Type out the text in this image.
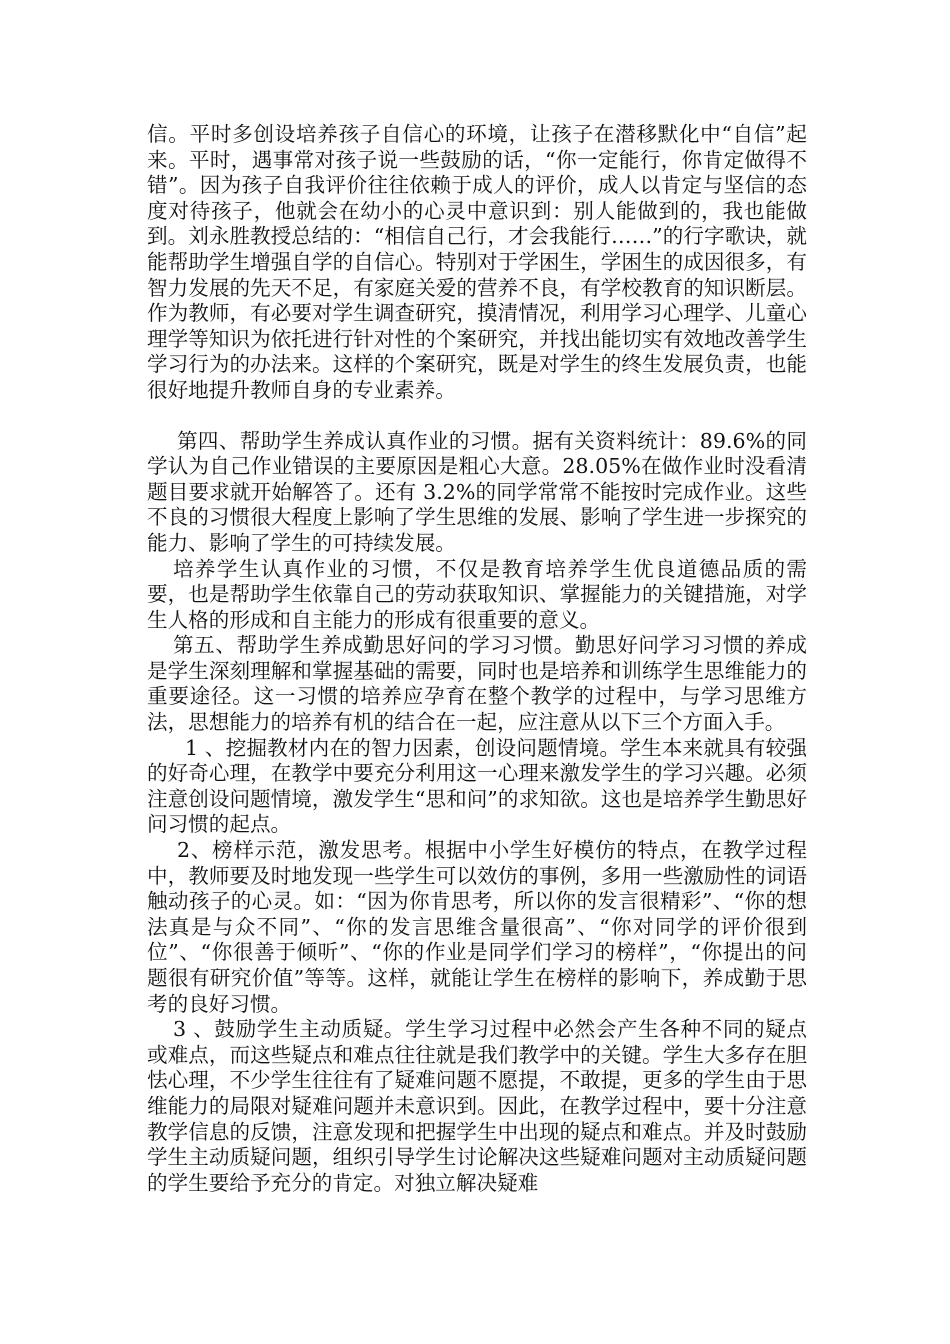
信。平时多创设培养孩子自信心的环境，让孩子在潜移默化中“自信”起来。平时，遇事常对孩子说一些鼓励的话，“你一定能行，你肯定做得不错”。因为孩子自我评价往往依赖于成人的评价，成人以肯定与坚信的态度对待孩子，他就会在幼小的心灵中意识到：别人能做到的，我也能做到。刘永胜教授总结的：“相信自己行，才会我能行……”的行字歌诀，就能帮助学生增强自学的自信心。特别对于学困生，学困生的成因很多，有智力发展的先天不足，有家庭关爱的营养不良，有学校教育的知识断层。作为教师，有必要对学生调查研究，摸清情况，利用学习心理学、儿童心理学等知识为依托进行针对性的个案研究，并找出能切实有效地改善学生学习行为的办法来。这样的个案研究，既是对学生的终生发展负责，也能很好地提升教师自身的专业素养。

第四、帮助学生养成认真作业的习惯。据有关资料统计：89.6%的同学认为自己作业错误的主要原因是粗心大意。28.05%在做作业时没看清题目要求就开始解答了。还有 3.2%的同学常常不能按时完成作业。这些不良的习惯很大程度上影响了学生思维的发展、影响了学生进一步探究的能力、影响了学生的可持续发展。

培养学生认真作业的习惯，不仅是教育培养学生优良道德品质的需要，也是帮助学生依靠自己的劳动获取知识、掌握能力的关键措施，对学生人格的形成和自主能力的形成有很重要的意义。

第五、帮助学生养成勤思好问的学习习惯。勤思好问学习习惯的养成是学生深刻理解和掌握基础的需要，同时也是培养和训练学生思维能力的重要途径。这一习惯的培养应孕育在整个教学的过程中，与学习思维方法，思想能力的培养有机的结合在一起，应注意从以下三个方面入手。

1 、挖掘教材内在的智力因素，创设问题情境。学生本来就具有较强的好奇心理，在教学中要充分利用这一心理来激发学生的学习兴趣。必须注意创设问题情境，激发学生“思和问”的求知欲。这也是培养学生勤思好问习惯的起点。

2、榜样示范，激发思考。根据中小学生好模仿的特点，在教学过程中，教师要及时地发现一些学生可以效仿的事例，多用一些激励性的词语触动孩子的心灵。如：“因为你肯思考，所以你的发言很精彩”、“你的想法真是与众不同”、“你的发言思维含量很高”、“你对同学的评价很到位”、“你很善于倾听”、“你的作业是同学们学习的榜样”，“你提出的问题很有研究价值”等等。这样，就能让学生在榜样的影响下，养成勤于思考的良好习惯。

3 、鼓励学生主动质疑。学生学习过程中必然会产生各种不同的疑点或难点，而这些疑点和难点往往就是我们教学中的关键。学生大多存在胆怯心理，不少学生往往有了疑难问题不愿提，不敢提，更多的学生由于思维能力的局限对疑难问题并未意识到。因此，在教学过程中，要十分注意教学信息的反馈，注意发现和把握学生中出现的疑点和难点。并及时鼓励学生主动质疑问题，组织引导学生讨论解决这些疑难问题对主动质疑问题的学生要给予充分的肯定。对独立解决疑难
